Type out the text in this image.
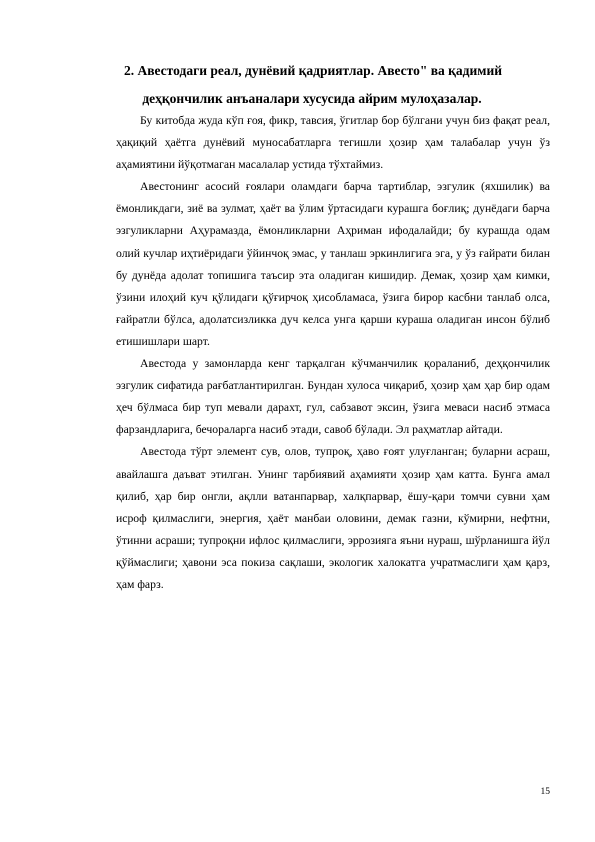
2. Авестодаги реал, дунёвий қадриятлар. Авесто" ва қадимий
деҳқончилик анъаналари хусусида айрим мулоҳазалар.

Бу китобда жуда кўп ғоя, фикр, тавсия, ўгитлар бор бўлгани учун биз фақат реал, ҳақиқий ҳаётга дунёвий муносабатларга тегишли ҳозир ҳам талабалар учун ўз аҳамиятини йўқотмаган масалалар устида тўхтаймиз.

Авестонинг асосий ғоялари оламдаги барча тартиблар, эзгулик (яхшилик) ва ёмонликдаги, зиё ва зулмат, ҳаёт ва ўлим ўртасидаги курашга боғлиқ; дунёдаги барча эзгуликларни Аҳурамазда, ёмонликларни Аҳриман ифодалайди; бу курашда одам олий кучлар иҳтиёридаги ўйинчоқ эмас, у танлаш эркинлигига эга, у ўз ғайрати билан бу дунёда адолат топишига таъсир эта оладиган кишидир. Демак, ҳозир ҳам кимки, ўзини илоҳий куч қўлидаги қўғирчоқ ҳисобламаса, ўзига бирор касбни танлаб олса, ғайратли бўлса, адолатсизликка дуч келса унга қарши кураша оладиган инсон бўлиб етишишлари шарт.

Авестода у замонларда кенг тарқалган кўчманчилик қораланиб, деҳқончилик эзгулик сифатида рағбатлантирилган. Бундан хулоса чиқариб, ҳозир ҳам ҳар бир одам ҳеч бўлмаса бир туп мевали дарахт, гул, сабзавот эксин, ўзига меваси насиб этмаса фарзандларига, бечораларга насиб этади, савоб бўлади. Эл раҳматлар айтади.

Авестода тўрт элемент сув, олов, тупроқ, ҳаво ғоят улуғланган; буларни асраш, авайлашга даъват этилган. Унинг тарбиявий аҳамияти ҳозир ҳам катта. Бунга амал қилиб, ҳар бир онгли, ақлли ватанпарвар, халқпарвар, ёшу-қари томчи сувни ҳам исроф қилмаслиги, энергия, ҳаёт манбаи оловини, демак газни, кўмирни, нефтни, ўтинни асраши; тупроқни ифлос қилмаслиги, эррозияга яъни нураш, шўрланишга йўл қўймаслиги; ҳавони эса покиза сақлаши, экологик халокатга учратмаслиги ҳам қарз, ҳам фарз.

15
